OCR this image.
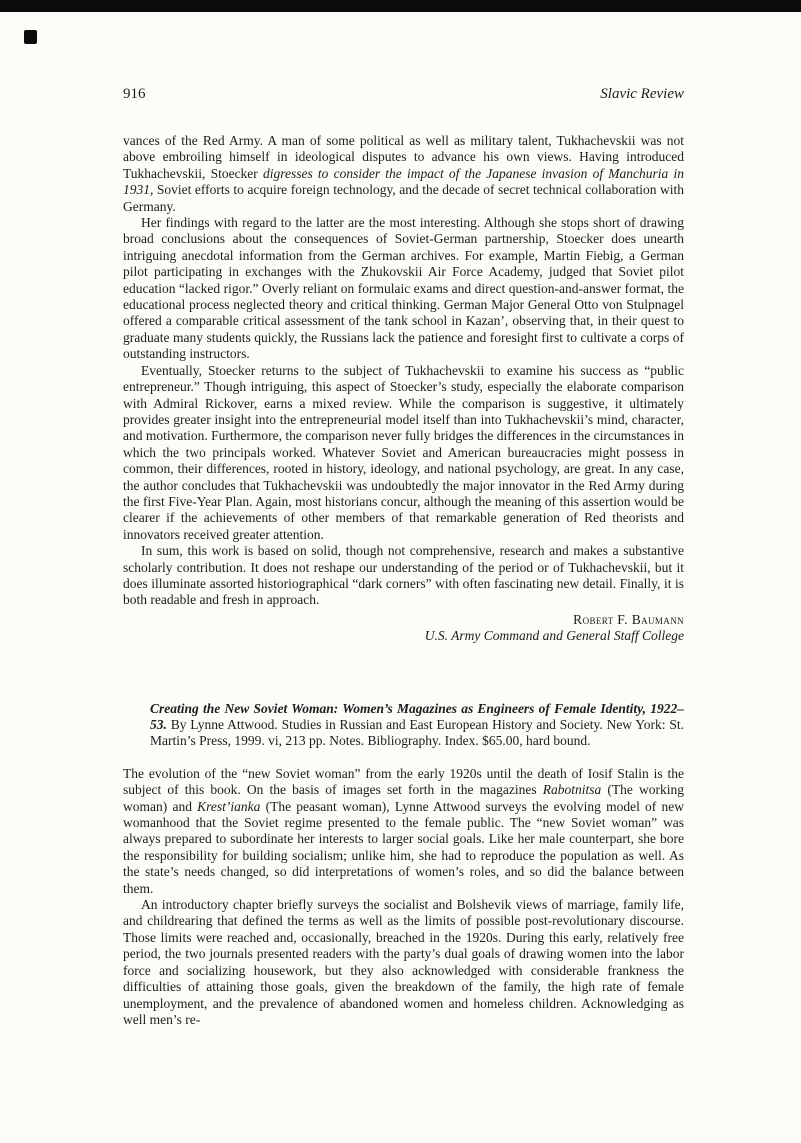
916	Slavic Review

vances of the Red Army. A man of some political as well as military talent, Tukhachevskii was not above embroiling himself in ideological disputes to advance his own views. Having introduced Tukhachevskii, Stoecker digresses to consider the impact of the Japanese invasion of Manchuria in 1931, Soviet efforts to acquire foreign technology, and the decade of secret technical collaboration with Germany.

Her findings with regard to the latter are the most interesting. Although she stops short of drawing broad conclusions about the consequences of Soviet-German partnership, Stoecker does unearth intriguing anecdotal information from the German archives. For example, Martin Fiebig, a German pilot participating in exchanges with the Zhukovskii Air Force Academy, judged that Soviet pilot education “lacked rigor.” Overly reliant on formulaic exams and direct question-and-answer format, the educational process neglected theory and critical thinking. German Major General Otto von Stulpnagel offered a comparable critical assessment of the tank school in Kazan’, observing that, in their quest to graduate many students quickly, the Russians lack the patience and foresight first to cultivate a corps of outstanding instructors.

Eventually, Stoecker returns to the subject of Tukhachevskii to examine his success as “public entrepreneur.” Though intriguing, this aspect of Stoecker’s study, especially the elaborate comparison with Admiral Rickover, earns a mixed review. While the comparison is suggestive, it ultimately provides greater insight into the entrepreneurial model itself than into Tukhachevskii’s mind, character, and motivation. Furthermore, the comparison never fully bridges the differences in the circumstances in which the two principals worked. Whatever Soviet and American bureaucracies might possess in common, their differences, rooted in history, ideology, and national psychology, are great. In any case, the author concludes that Tukhachevskii was undoubtedly the major innovator in the Red Army during the first Five-Year Plan. Again, most historians concur, although the meaning of this assertion would be clearer if the achievements of other members of that remarkable generation of Red theorists and innovators received greater attention.

In sum, this work is based on solid, though not comprehensive, research and makes a substantive scholarly contribution. It does not reshape our understanding of the period or of Tukhachevskii, but it does illuminate assorted historiographical “dark corners” with often fascinating new detail. Finally, it is both readable and fresh in approach.

Robert F. Baumann
U.S. Army Command and General Staff College

Creating the New Soviet Woman: Women’s Magazines as Engineers of Female Identity, 1922–53. By Lynne Attwood. Studies in Russian and East European History and Society. New York: St. Martin’s Press, 1999. vi, 213 pp. Notes. Bibliography. Index. $65.00, hard bound.

The evolution of the “new Soviet woman” from the early 1920s until the death of Iosif Stalin is the subject of this book. On the basis of images set forth in the magazines Rabotnitsa (The working woman) and Krest’ianka (The peasant woman), Lynne Attwood surveys the evolving model of new womanhood that the Soviet regime presented to the female public. The “new Soviet woman” was always prepared to subordinate her interests to larger social goals. Like her male counterpart, she bore the responsibility for building socialism; unlike him, she had to reproduce the population as well. As the state’s needs changed, so did interpretations of women’s roles, and so did the balance between them.

An introductory chapter briefly surveys the socialist and Bolshevik views of marriage, family life, and childrearing that defined the terms as well as the limits of possible post-revolutionary discourse. Those limits were reached and, occasionally, breached in the 1920s. During this early, relatively free period, the two journals presented readers with the party’s dual goals of drawing women into the labor force and socializing housework, but they also acknowledged with considerable frankness the difficulties of attaining those goals, given the breakdown of the family, the high rate of female unemployment, and the prevalence of abandoned women and homeless children. Acknowledging as well men’s re-
